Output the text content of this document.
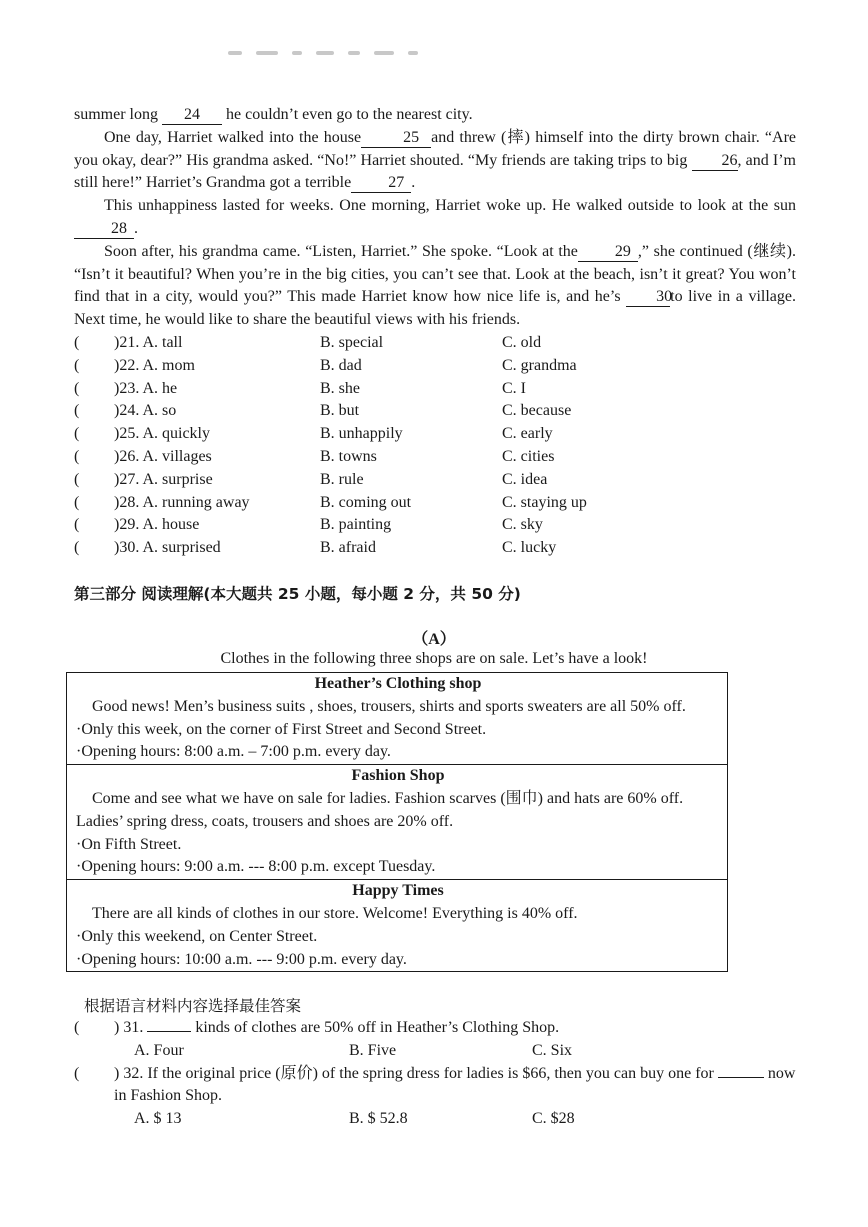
summer long 24 he couldn’t even go to the nearest city.

One day, Harriet walked into the house	25 and threw (摔) himself into the dirty brown chair. “Are you okay, dear?” His grandma asked. “No!” Harriet shouted. “My friends are taking trips to big 26, and I’m still here!” Harriet’s Grandma got a terrible 27 .

This unhappiness lasted for weeks. One morning, Harriet woke up. He walked outside to look at the sun28 .

Soon after, his grandma came. “Listen, Harriet.” She spoke. “Look at the 29 ,” she continued (继续). “Isn’t it beautiful? When you’re in the big cities, you can’t see that. Look at the beach, isn’t it great? You won’t find that in a city, would you?” This made Harriet know how nice life is, and he’s 30to live in a village. Next time, he would like to share the beautiful views with his friends.

( )21. A. tall	B. special	C. old
( )22. A. mom	B. dad	C. grandma
( )23. A. he	B. she	C. I
( )24. A. so	B. but	C. because
( )25. A. quickly	B. unhappily	C. early
( )26. A. villages	B. towns	C. cities
( )27. A. surprise	B. rule	C. idea
( )28. A. running away	B. coming out	C. staying up
( )29. A. house	B. painting	C. sky
( )30. A. surprised	B. afraid	C. lucky
第三部分 阅读理解(本大题共 25 小题，每小题 2 分，共 50 分)
（A）
Clothes in the following three shops are on sale. Let’s have a look!

Heather’s Clothing shop

Good news! Men’s business suits , shoes, trousers, shirts and sports sweaters are all 50% off.

·Only this week, on the corner of First Street and Second Street.

·Opening hours: 8:00 a.m. – 7:00 p.m. every day.

Fashion Shop

Come and see what we have on sale for ladies. Fashion scarves (围巾) and hats are 60% off. Ladies’ spring dress, coats, trousers and shoes are 20% off.

·On Fifth Street.

·Opening hours: 9:00 a.m. --- 8:00 p.m. except Tuesday.

Happy Times

There are all kinds of clothes in our store. Welcome! Everything is 40% off.

·Only this weekend, on Center Street.

·Opening hours: 10:00 a.m. --- 9:00 p.m. every day.

根据语言材料内容选择最佳答案
( ) 31.	kinds of clothes are 50% off in Heather’s Clothing Shop.
A. Four	B. Five	C. Six
( ) 32. If the original price (原价) of the spring dress for ladies is $66, then you can buy one for	now in Fashion Shop.
A. $ 13	B. $ 52.8	C. $28
